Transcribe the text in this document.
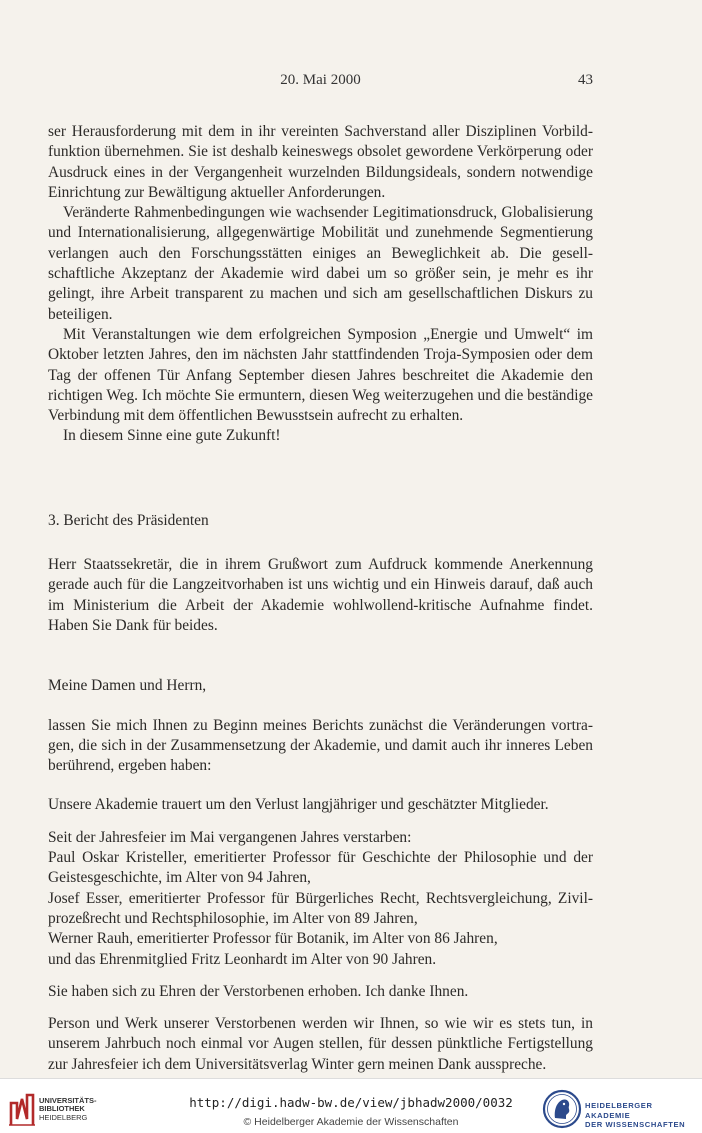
20. Mai 2000	43

ser Herausforderung mit dem in ihr vereinten Sachverstand aller Disziplinen Vorbildfunktion übernehmen. Sie ist deshalb keineswegs obsolet gewordene Verkörperung oder Ausdruck eines in der Vergangenheit wurzelnden Bildungsideals, sondern notwendige Einrichtung zur Bewältigung aktueller Anforderungen.

Veränderte Rahmenbedingungen wie wachsender Legitimationsdruck, Globalisierung und Internationalisierung, allgegenwärtige Mobilität und zunehmende Segmentierung verlangen auch den Forschungsstätten einiges an Beweglichkeit ab. Die gesellschaftliche Akzeptanz der Akademie wird dabei um so größer sein, je mehr es ihr gelingt, ihre Arbeit transparent zu machen und sich am gesellschaftlichen Diskurs zu beteiligen.

Mit Veranstaltungen wie dem erfolgreichen Symposion „Energie und Umwelt“ im Oktober letzten Jahres, den im nächsten Jahr stattfindenden Troja-Symposien oder dem Tag der offenen Tür Anfang September diesen Jahres beschreitet die Akademie den richtigen Weg. Ich möchte Sie ermuntern, diesen Weg weiterzugehen und die beständige Verbindung mit dem öffentlichen Bewusstsein aufrecht zu erhalten.

In diesem Sinne eine gute Zukunft!

3. Bericht des Präsidenten

Herr Staatssekretär, die in ihrem Grußwort zum Aufdruck kommende Anerkennung gerade auch für die Langzeitvorhaben ist uns wichtig und ein Hinweis darauf, daß auch im Ministerium die Arbeit der Akademie wohlwollend-kritische Aufnahme findet. Haben Sie Dank für beides.

Meine Damen und Herrn,

lassen Sie mich Ihnen zu Beginn meines Berichts zunächst die Veränderungen vortragen, die sich in der Zusammensetzung der Akademie, und damit auch ihr inneres Leben berührend, ergeben haben:

Unsere Akademie trauert um den Verlust langjähriger und geschätzter Mitglieder.

Seit der Jahresfeier im Mai vergangenen Jahres verstarben:

Paul Oskar Kristeller, emeritierter Professor für Geschichte der Philosophie und der Geistesgeschichte, im Alter von 94 Jahren,
Josef Esser, emeritierter Professor für Bürgerliches Recht, Rechtsvergleichung, Zivilprozeßrecht und Rechtsphilosophie, im Alter von 89 Jahren,
Werner Rauh, emeritierter Professor für Botanik, im Alter von 86 Jahren,
und das Ehrenmitglied Fritz Leonhardt im Alter von 90 Jahren.

Sie haben sich zu Ehren der Verstorbenen erhoben. Ich danke Ihnen.

Person und Werk unserer Verstorbenen werden wir Ihnen, so wie wir es stets tun, in unserem Jahrbuch noch einmal vor Augen stellen, für dessen pünktliche Fertigstellung zur Jahresfeier ich dem Universitätsverlag Winter gern meinen Dank ausspreche.

UNIVERSITÄTS-
BIBLIOTHEK
HEIDELBERG
http://digi.hadw-bw.de/view/jbhadw2000/0032
© Heidelberger Akademie der Wissenschaften
HEIDELBERGER AKADEMIE
DER WISSENSCHAFTEN
